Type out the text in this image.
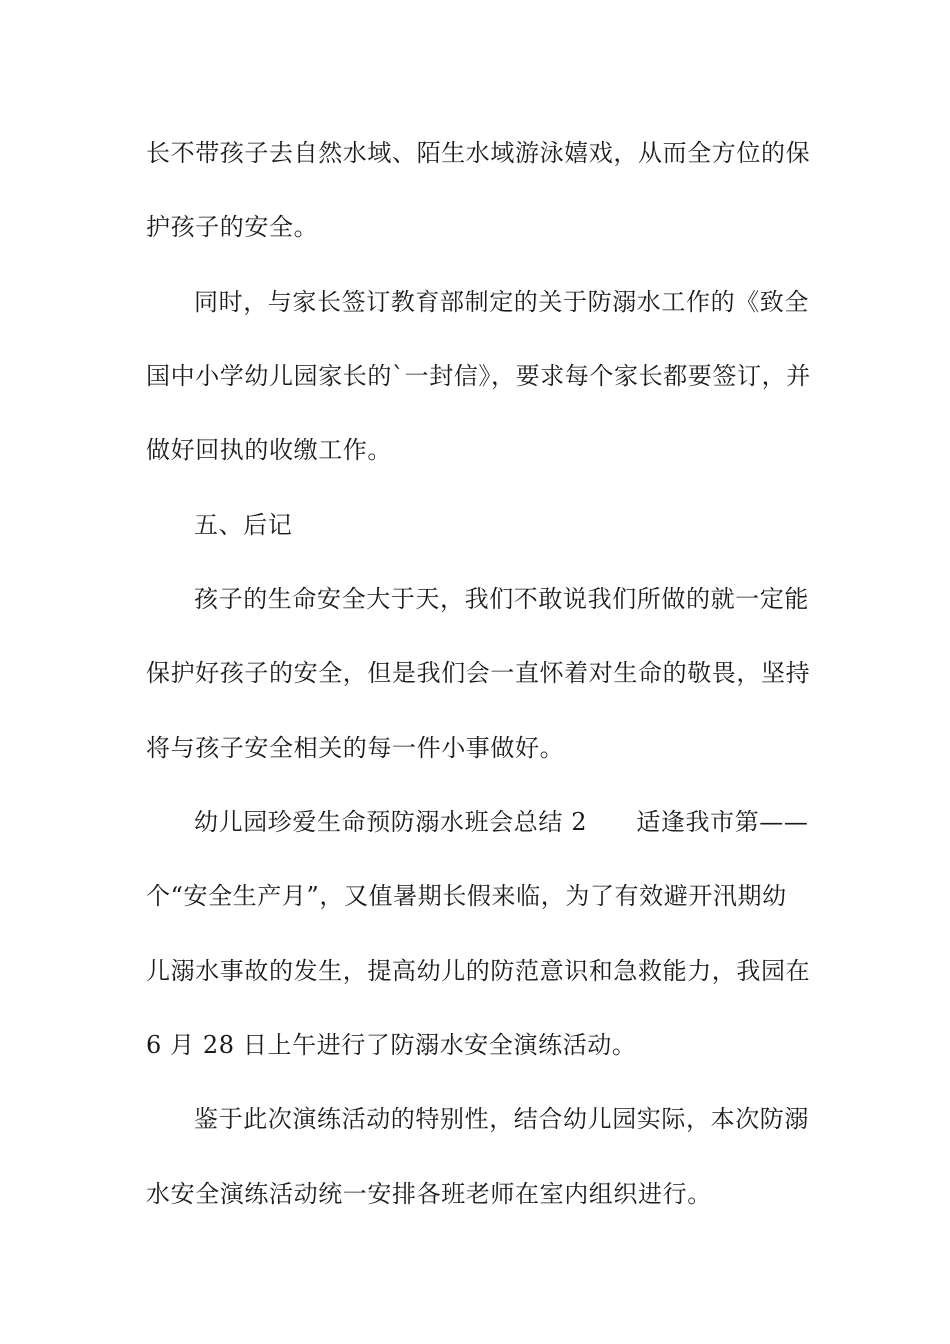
长不带孩子去自然水域、陌生水域游泳嬉戏，从而全方位的保
护孩子的安全。
同时，与家长签订教育部制定的关于防溺水工作的《致全
国中小学幼儿园家长的`一封信》，要求每个家长都要签订，并
做好回执的收缴工作。
五、后记
孩子的生命安全大于天，我们不敢说我们所做的就一定能
保护好孩子的安全，但是我们会一直怀着对生命的敬畏，坚持
将与孩子安全相关的每一件小事做好。
幼儿园珍爱生命预防溺水班会总结 2　　适逢我市第——
个“安全生产月”，又值暑期长假来临，为了有效避开汛期幼
儿溺水事故的发生，提高幼儿的防范意识和急救能力，我园在
6 月 28 日上午进行了防溺水安全演练活动。
鉴于此次演练活动的特别性，结合幼儿园实际，本次防溺
水安全演练活动统一安排各班老师在室内组织进行。
